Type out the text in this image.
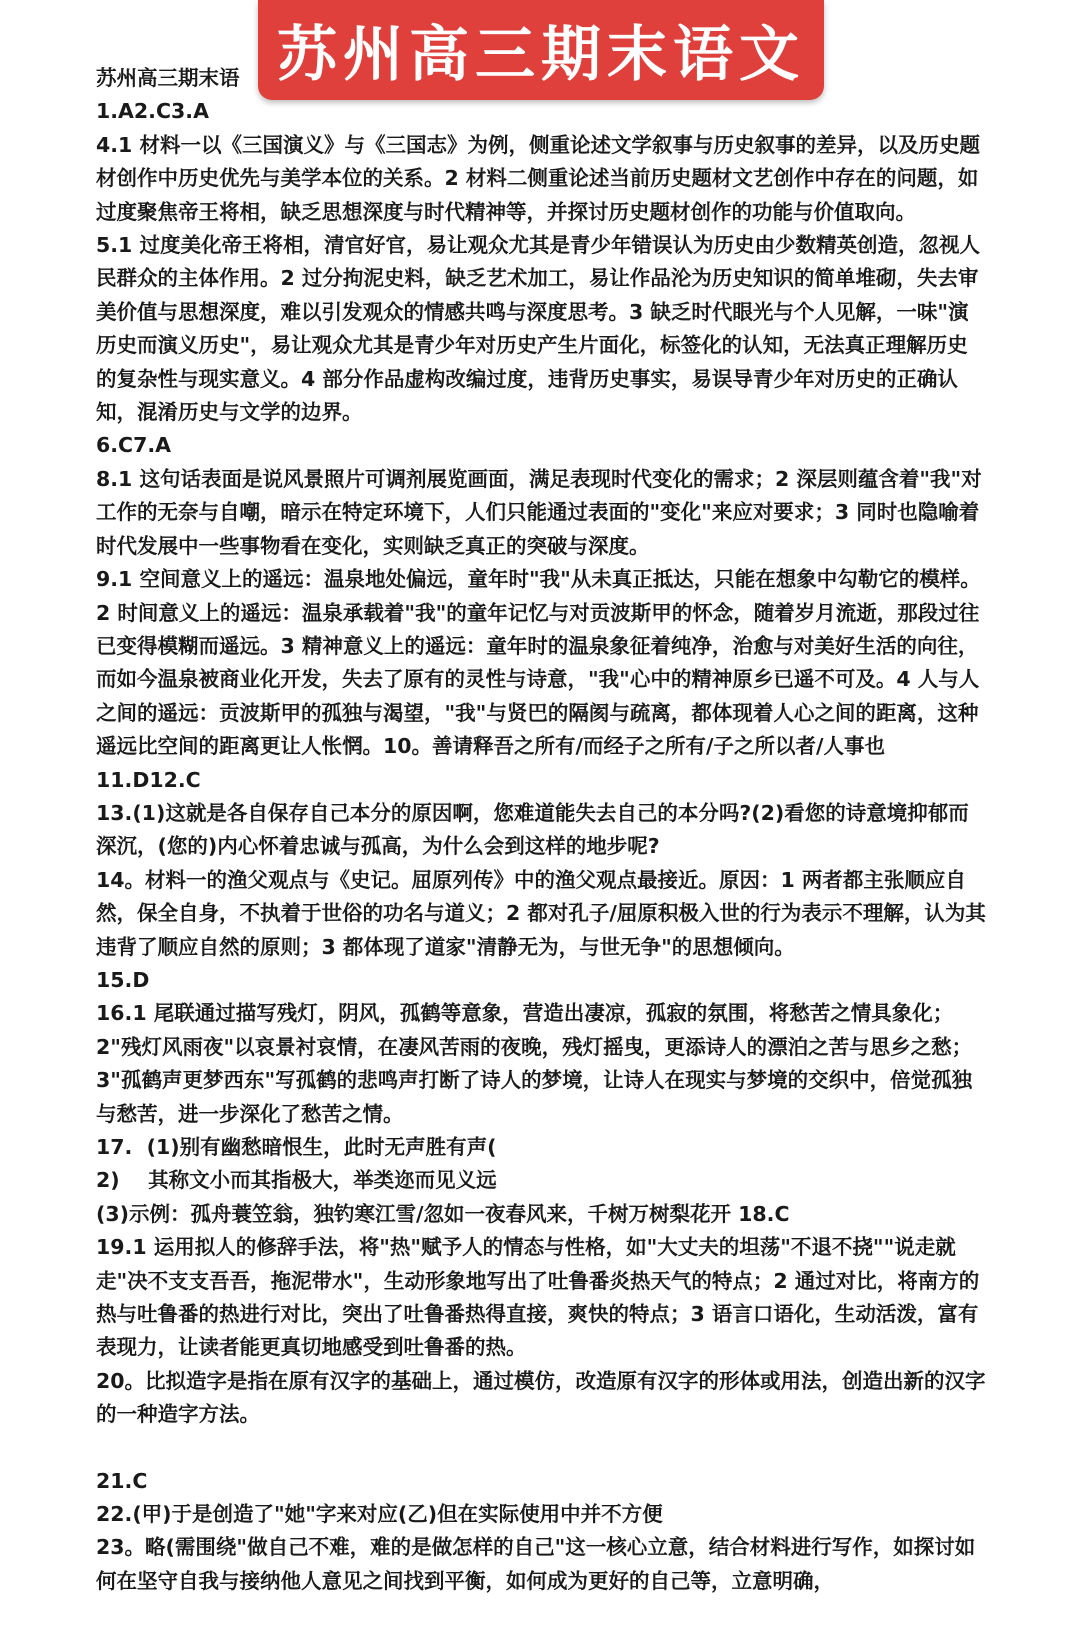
苏州高三期末语

1.A2.C3.A

4.1 材料一以《三国演义》与《三国志》为例，侧重论述文学叙事与历史叙事的差异，以及历史题材创作中历史优先与美学本位的关系。2 材料二侧重论述当前历史题材文艺创作中存在的问题，如过度聚焦帝王将相，缺乏思想深度与时代精神等，并探讨历史题材创作的功能与价值取向。

5.1 过度美化帝王将相，清官好官，易让观众尤其是青少年错误认为历史由少数精英创造，忽视人民群众的主体作用。2 过分拘泥史料，缺乏艺术加工，易让作品沦为历史知识的简单堆砌，失去审美价值与思想深度，难以引发观众的情感共鸣与深度思考。3 缺乏时代眼光与个人见解，一味"演历史而演义历史"，易让观众尤其是青少年对历史产生片面化，标签化的认知，无法真正理解历史的复杂性与现实意义。4 部分作品虚构改编过度，违背历史事实，易误导青少年对历史的正确认知，混淆历史与文学的边界。

6.C7.A

8.1 这句话表面是说风景照片可调剂展览画面，满足表现时代变化的需求；2 深层则蕴含着"我"对工作的无奈与自嘲，暗示在特定环境下，人们只能通过表面的"变化"来应对要求；3 同时也隐喻着时代发展中一些事物看在变化，实则缺乏真正的突破与深度。

9.1 空间意义上的遥远：温泉地处偏远，童年时"我"从未真正抵达，只能在想象中勾勒它的模样。2 时间意义上的遥远：温泉承载着"我"的童年记忆与对贡波斯甲的怀念，随着岁月流逝，那段过往已变得模糊而遥远。3 精神意义上的遥远：童年时的温泉象征着纯净，治愈与对美好生活的向往，而如今温泉被商业化开发，失去了原有的灵性与诗意，"我"心中的精神原乡已遥不可及。4 人与人之间的遥远：贡波斯甲的孤独与渴望，"我"与贤巴的隔阂与疏离，都体现着人心之间的距离，这种遥远比空间的距离更让人怅惘。10。善请释吾之所有/而经子之所有/子之所以者/人事也 11.D12.C

13.(1)这就是各自保存自己本分的原因啊，您难道能失去自己的本分吗?(2)看您的诗意境抑郁而深沉，(您的)内心怀着忠诚与孤高，为什么会到这样的地步呢?

14。材料一的渔父观点与《史记。屈原列传》中的渔父观点最接近。原因：1 两者都主张顺应自然，保全自身，不执着于世俗的功名与道义；2 都对孔子/屈原积极入世的行为表示不理解，认为其违背了顺应自然的原则；3 都体现了道家"清静无为，与世无争"的思想倾向。

15.D

16.1 尾联通过描写残灯，阴风，孤鹤等意象，营造出凄凉，孤寂的氛围，将愁苦之情具象化；2"残灯风雨夜"以哀景衬哀情，在凄风苦雨的夜晚，残灯摇曳，更添诗人的漂泊之苦与思乡之愁；3"孤鹤声更梦西东"写孤鹤的悲鸣声打断了诗人的梦境，让诗人在现实与梦境的交织中，倍觉孤独与愁苦，进一步深化了愁苦之情。

17.  (1)别有幽愁暗恨生，此时无声胜有声(

2)    其称文小而其指极大，举类迩而见义远

(3)示例：孤舟蓑笠翁，独钓寒江雪/忽如一夜春风来，千树万树梨花开 18.C

19.1 运用拟人的修辞手法，将"热"赋予人的情态与性格，如"大丈夫的坦荡"不退不挠""说走就走"决不支支吾吾，拖泥带水"，生动形象地写出了吐鲁番炎热天气的特点；2 通过对比，将南方的热与吐鲁番的热进行对比，突出了吐鲁番热得直接，爽快的特点；3 语言口语化，生动活泼，富有表现力，让读者能更真切地感受到吐鲁番的热。

20。比拟造字是指在原有汉字的基础上，通过模仿，改造原有汉字的形体或用法，创造出新的汉字的一种造字方法。

21.C

22.(甲)于是创造了"她"字来对应(乙)但在实际使用中并不方便

23。略(需围绕"做自己不难，难的是做怎样的自己"这一核心立意，结合材料进行写作，如探讨如何在坚守自我与接纳他人意见之间找到平衡，如何成为更好的自己等，立意明确，

苏州高三期末语文
